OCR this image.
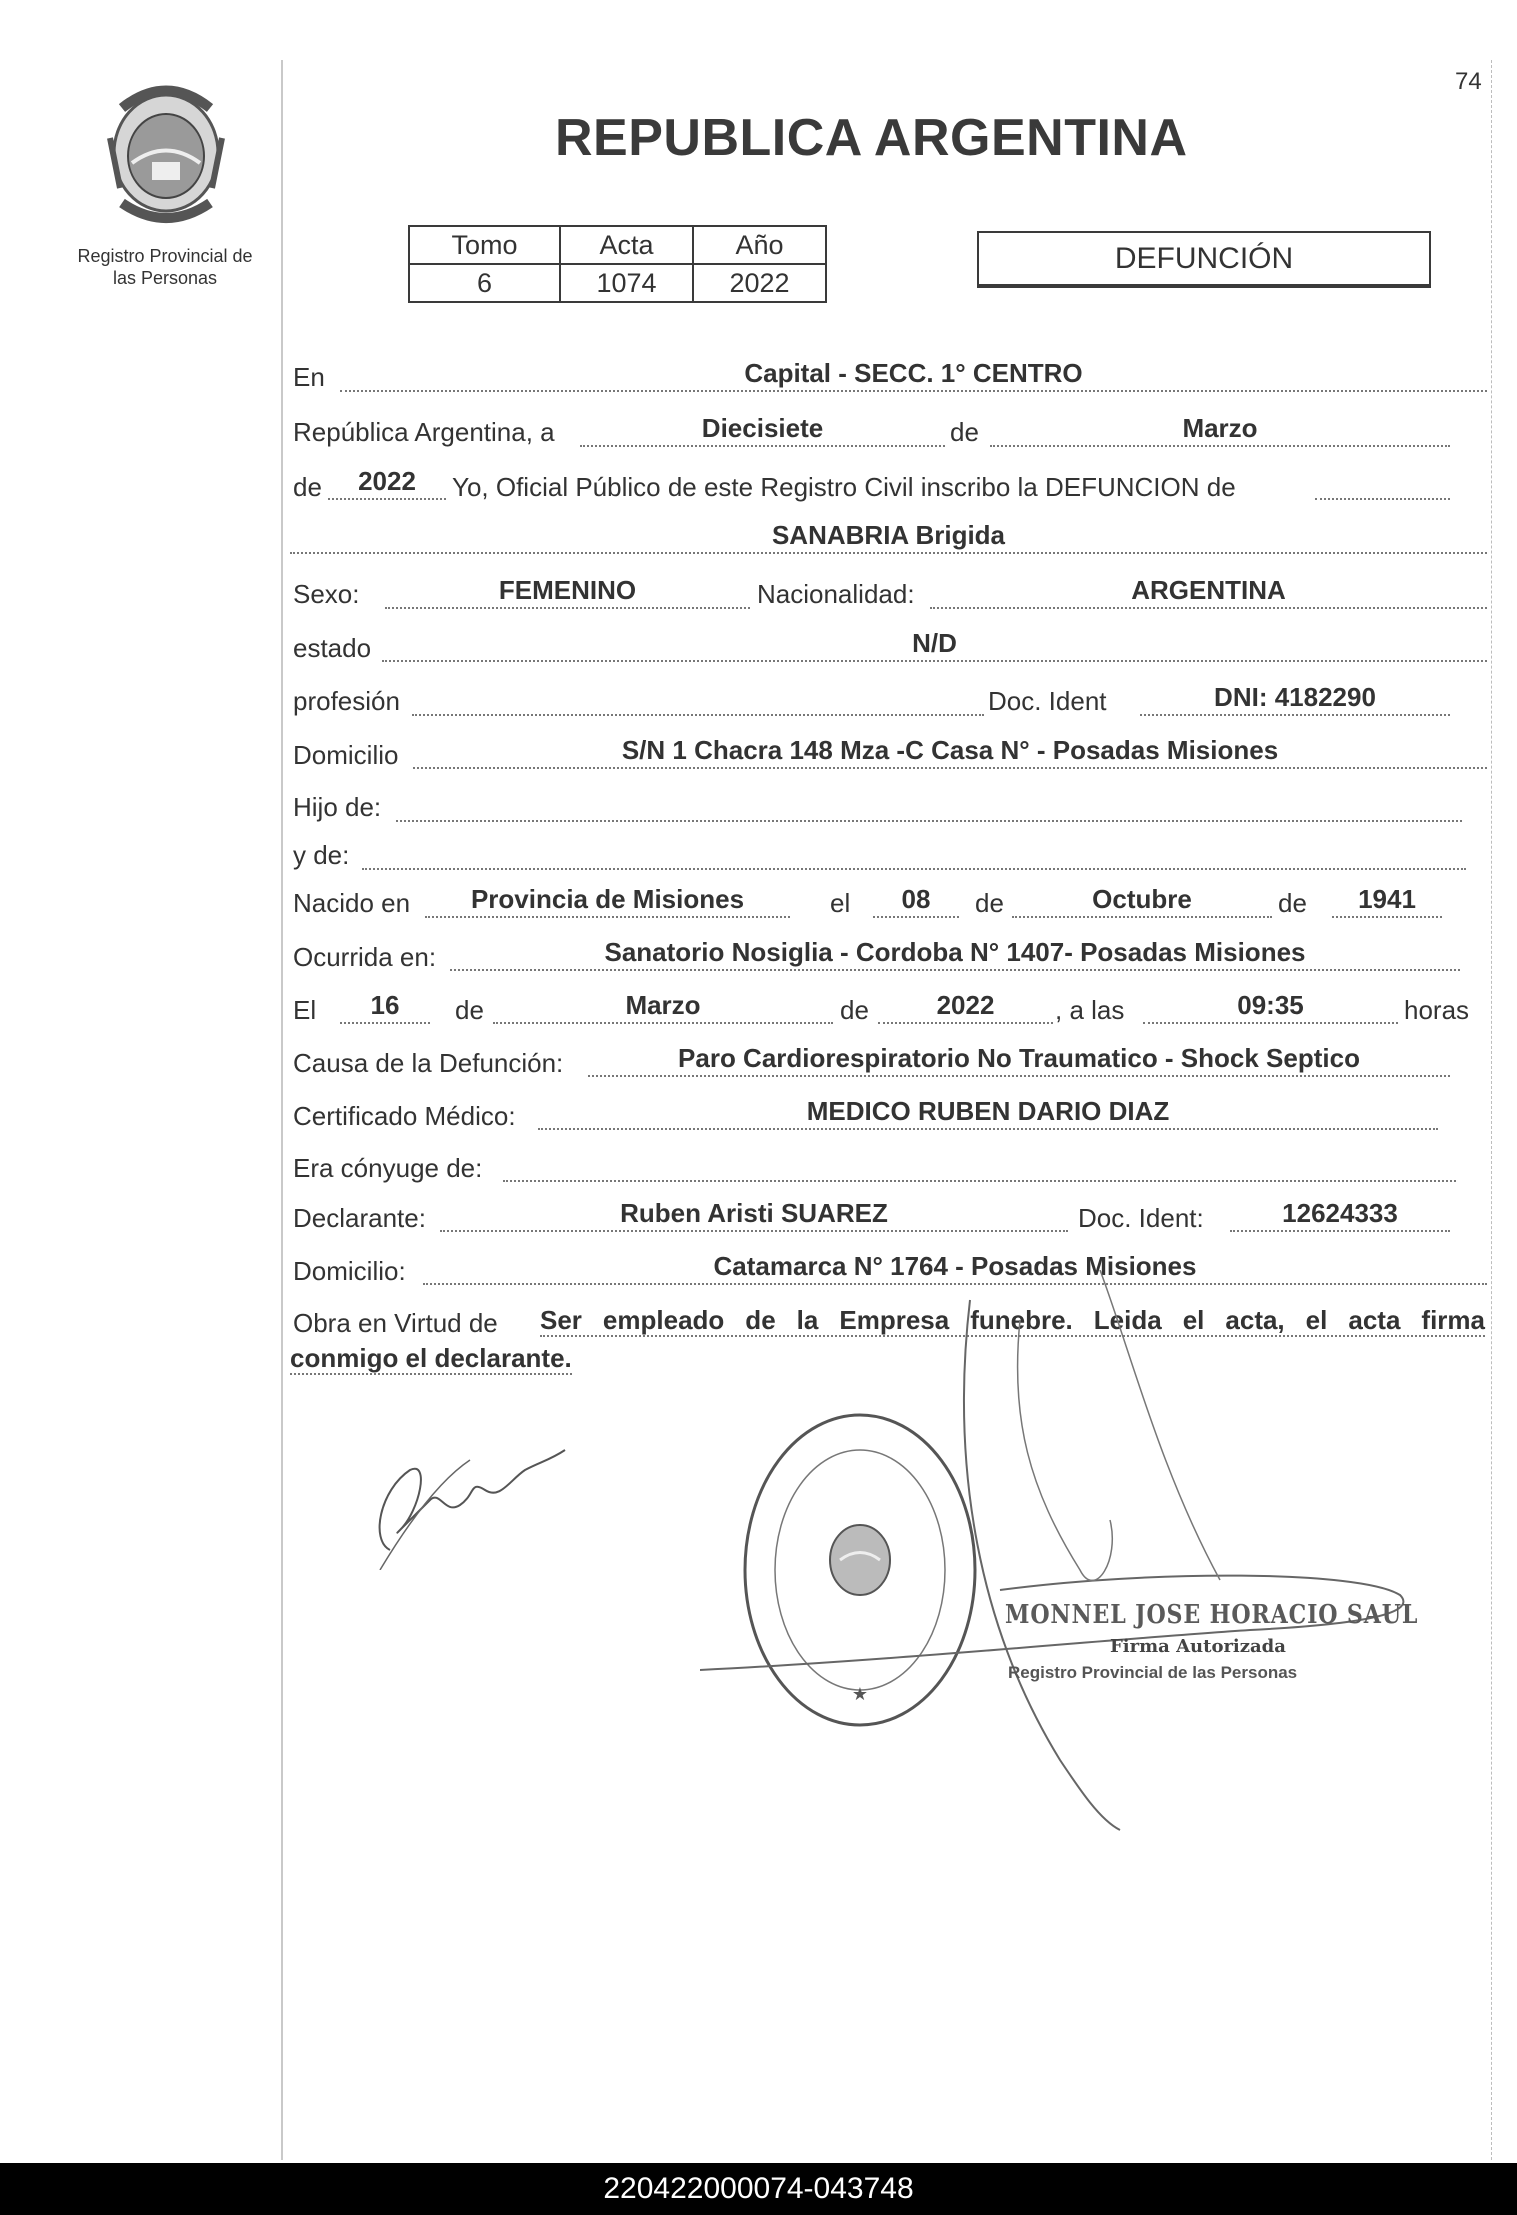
74
Registro Provincial de
las Personas
REPUBLICA ARGENTINA
Tomo	Acta	Año
6	1074	2022
DEFUNCIÓN
En	Capital - SECC. 1° CENTRO
República Argentina, a	Diecisiete	de	Marzo
de	2022	Yo, Oficial Público de este Registro Civil inscribo la DEFUNCION de
SANABRIA Brigida
Sexo:	FEMENINO	Nacionalidad:	ARGENTINA
estado	N/D
profesión	Doc. Ident	DNI: 4182290
Domicilio	S/N 1 Chacra 148 Mza -C Casa N° - Posadas Misiones
Hijo de:
y de:
Nacido en	Provincia de Misiones	el	08	de	Octubre	de	1941
Ocurrida en:	Sanatorio Nosiglia - Cordoba N° 1407- Posadas Misiones
El	16	de	Marzo	de	2022	, a las	09:35	horas
Causa de la Defunción:	Paro Cardiorespiratorio No Traumatico - Shock Septico
Certificado Médico:	MEDICO RUBEN DARIO DIAZ
Era cónyuge de:
Declarante:	Ruben Aristi SUAREZ	Doc. Ident:	12624333
Domicilio:	Catamarca N° 1764 - Posadas Misiones
Obra en Virtud de Ser empleado de la Empresa funebre. Leida el acta, el acta firma
conmigo el declarante.
★
MONNEL JOSE HORACIO SAUL
Firma Autorizada
Registro Provincial de las Personas
220422000074-043748
